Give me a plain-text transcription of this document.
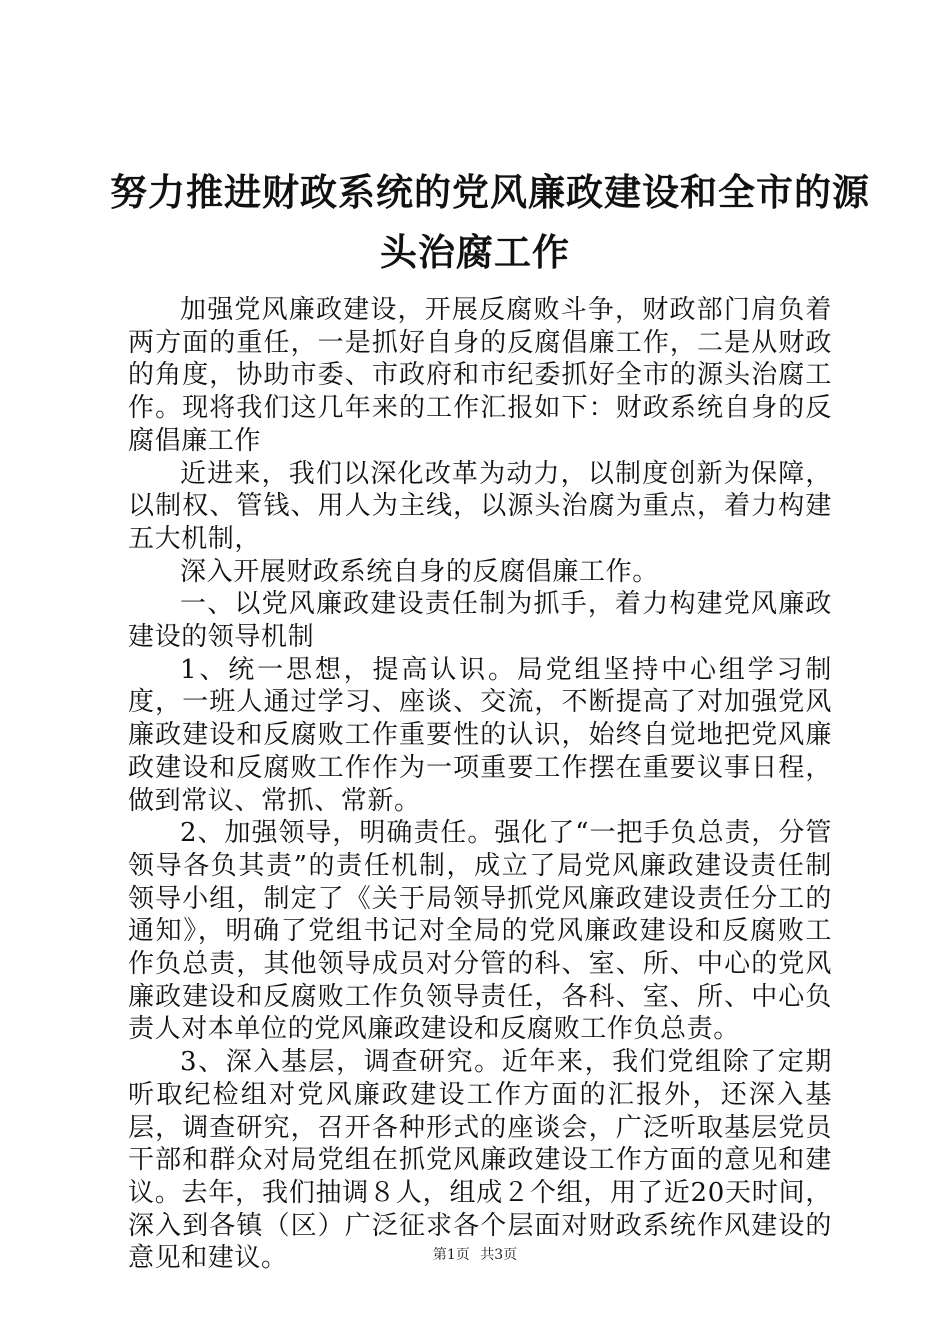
努力推进财政系统的党风廉政建设和全市的源
头治腐工作

加强党风廉政建设，开展反腐败斗争，财政部门肩负着两方面的重任，一是抓好自身的反腐倡廉工作，二是从财政的角度，协助市委、市政府和市纪委抓好全市的源头治腐工作。现将我们这几年来的工作汇报如下：财政系统自身的反腐倡廉工作

近进来，我们以深化改革为动力，以制度创新为保障，以制权、管钱、用人为主线，以源头治腐为重点，着力构建五大机制，

深入开展财政系统自身的反腐倡廉工作。

一、以党风廉政建设责任制为抓手，着力构建党风廉政建设的领导机制

1、统一思想，提高认识。局党组坚持中心组学习制度，一班人通过学习、座谈、交流，不断提高了对加强党风廉政建设和反腐败工作重要性的认识，始终自觉地把党风廉政建设和反腐败工作作为一项重要工作摆在重要议事日程，做到常议、常抓、常新。

2、加强领导，明确责任。强化了“一把手负总责，分管领导各负其责”的责任机制，成立了局党风廉政建设责任制领导小组，制定了《关于局领导抓党风廉政建设责任分工的通知》，明确了党组书记对全局的党风廉政建设和反腐败工作负总责，其他领导成员对分管的科、室、所、中心的党风廉政建设和反腐败工作负领导责任，各科、室、所、中心负责人对本单位的党风廉政建设和反腐败工作负总责。

3、深入基层，调查研究。近年来，我们党组除了定期听取纪检组对党风廉政建设工作方面的汇报外，还深入基层，调查研究，召开各种形式的座谈会，广泛听取基层党员干部和群众对局党组在抓党风廉政建设工作方面的意见和建议。去年，我们抽调８人，组成２个组，用了近20天时间，深入到各镇（区）广泛征求各个层面对财政系统作风建设的意见和建议。	第1页 共3页
